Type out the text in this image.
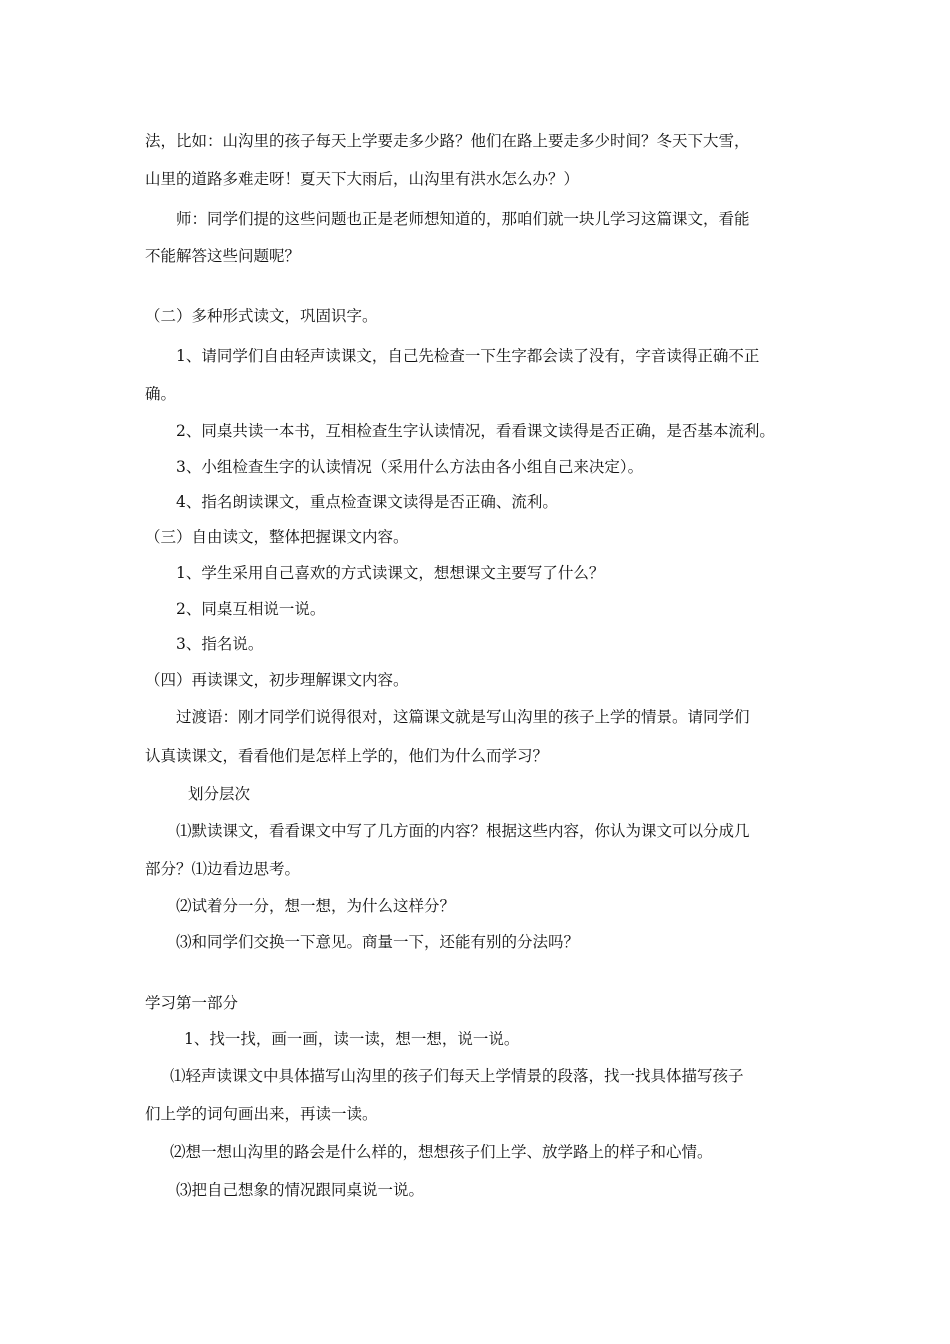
法，比如：山沟里的孩子每天上学要走多少路？他们在路上要走多少时间？冬天下大雪，
山里的道路多难走呀！夏天下大雨后，山沟里有洪水怎么办？）
师：同学们提的这些问题也正是老师想知道的，那咱们就一块儿学习这篇课文，看能
不能解答这些问题呢？
（二）多种形式读文，巩固识字。
1、请同学们自由轻声读课文，自己先检查一下生字都会读了没有，字音读得正确不正
确。
2、同桌共读一本书，互相检查生字认读情况，看看课文读得是否正确，是否基本流利。
3、小组检查生字的认读情况（采用什么方法由各小组自己来决定）。
4、指名朗读课文，重点检查课文读得是否正确、流利。
（三）自由读文，整体把握课文内容。
1、学生采用自己喜欢的方式读课文，想想课文主要写了什么？
2、同桌互相说一说。
3、指名说。
（四）再读课文，初步理解课文内容。
过渡语：刚才同学们说得很对，这篇课文就是写山沟里的孩子上学的情景。请同学们
认真读课文，看看他们是怎样上学的，他们为什么而学习？
划分层次
⑴默读课文，看看课文中写了几方面的内容？根据这些内容，你认为课文可以分成几
部分？⑴边看边思考。
⑵试着分一分，想一想，为什么这样分？
⑶和同学们交换一下意见。商量一下，还能有别的分法吗？
学习第一部分
1、找一找，画一画，读一读，想一想，说一说。
⑴轻声读课文中具体描写山沟里的孩子们每天上学情景的段落，找一找具体描写孩子
们上学的词句画出来，再读一读。
⑵想一想山沟里的路会是什么样的，想想孩子们上学、放学路上的样子和心情。
⑶把自己想象的情况跟同桌说一说。
